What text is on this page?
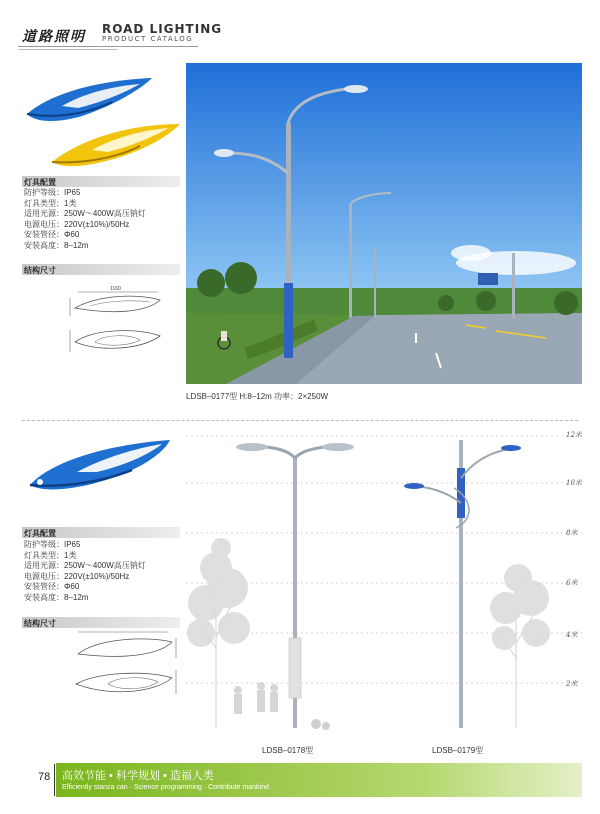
道路照明 ROAD LIGHTING
PRODUCT CATALOG
灯具配置
防护等级：IP65
灯具类型：1类
适用光源：250W～400W高压钠灯
电源电压：220V(±10%)/50Hz
安装管径：Φ60
安装高度：8–12m
结构尺寸
1160
LDSB–0177型 H:8–12m 功率：2×250W
灯具配置
防护等级：IP65
灯具类型：1类
适用光源：250W～400W高压钠灯
电源电压：220V(±10%)/50Hz
安装管径：Φ60
安装高度：8–12m
结构尺寸
12米
10米
8米
6米
4米
2米
LDSB–0178型	LDSB–0179型
78 高效节能 • 科学规划 • 造福人类
Efficiently stanza can · Science programming · Contribute mankind
